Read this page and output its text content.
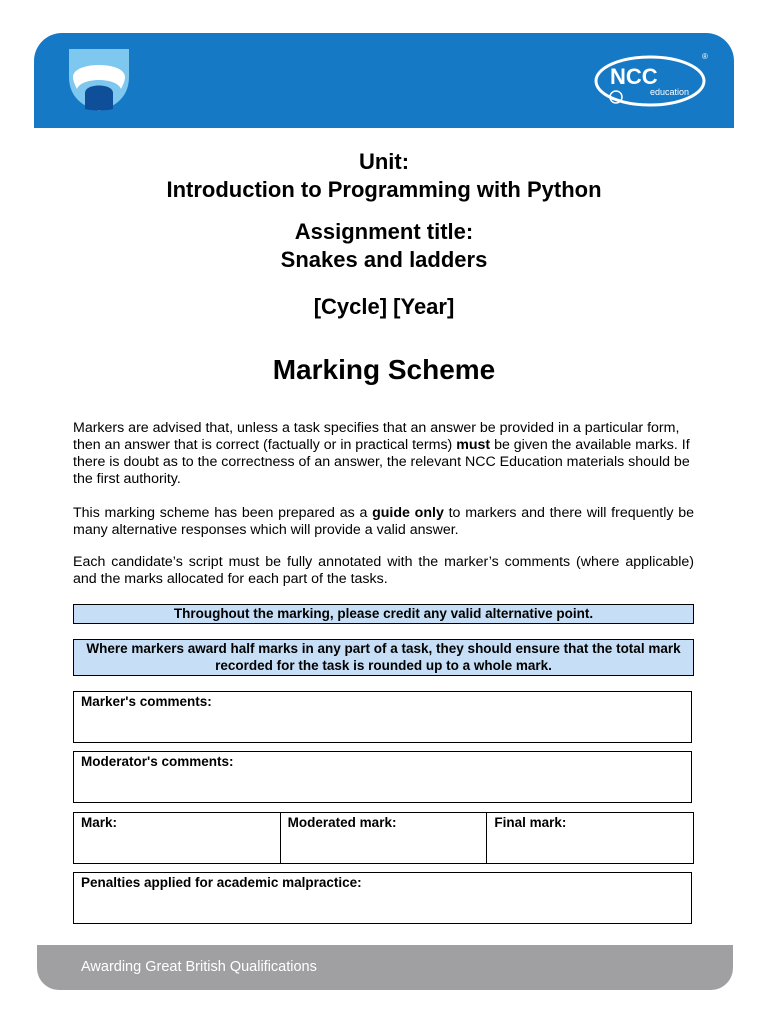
NCC
education
®
Unit:
Introduction to Programming with Python
Assignment title:
Snakes and ladders
[Cycle] [Year]
Marking Scheme
Markers are advised that, unless a task specifies that an answer be provided in a particular form, then an answer that is correct (factually or in practical terms) must be given the available marks. If there is doubt as to the correctness of an answer, the relevant NCC Education materials should be the first authority.
This marking scheme has been prepared as a guide only to markers and there will frequently be many alternative responses which will provide a valid answer.
Each candidate’s script must be fully annotated with the marker’s comments (where applicable) and the marks allocated for each part of the tasks.
Throughout the marking, please credit any valid alternative point.
Where markers award half marks in any part of a task, they should ensure that the total mark recorded for the task is rounded up to a whole mark.
Marker's comments:
Moderator's comments:
Mark:	Moderated mark:	Final mark:
Penalties applied for academic malpractice:
Awarding Great British Qualifications
